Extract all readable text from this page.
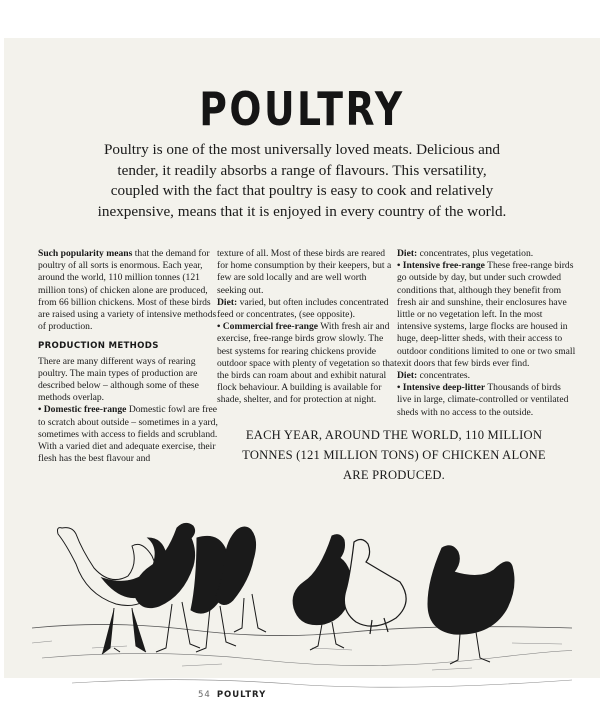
POULTRY
Poultry is one of the most universally loved meats. Delicious and tender, it readily absorbs a range of flavours. This versatility, coupled with the fact that poultry is easy to cook and relatively inexpensive, means that it is enjoyed in every country of the world.

Such popularity means that the demand for poultry of all sorts is enormous. Each year, around the world, 110 million tonnes (121 million tons) of chicken alone are produced, from 66 billion chickens. Most of these birds are raised using a variety of intensive methods of production.

PRODUCTION METHODS

There are many different ways of rearing poultry. The main types of production are described below – although some of these methods overlap.

• Domestic free-range Domestic fowl are free to scratch about outside – sometimes in a yard, sometimes with access to fields and scrubland. With a varied diet and adequate exercise, their flesh has the best flavour and

texture of all. Most of these birds are reared for home consumption by their keepers, but a few are sold locally and are well worth seeking out.

Diet: varied, but often includes concentrated feed or concentrates, (see opposite).

• Commercial free-range With fresh air and exercise, free-range birds grow slowly. The best systems for rearing chickens provide outdoor space with plenty of vegetation so that the birds can roam about and exhibit natural flock behaviour. A building is available for shade, shelter, and for protection at night.

Diet: concentrates, plus vegetation.

• Intensive free-range These free-range birds go outside by day, but under such crowded conditions that, although they benefit from fresh air and sunshine, their enclosures have little or no vegetation left. In the most intensive systems, large flocks are housed in huge, deep-litter sheds, with their access to outdoor conditions limited to one or two small exit doors that few birds ever find.

Diet: concentrates.

• Intensive deep-litter Thousands of birds live in large, climate-controlled or ventilated sheds with no access to the outside.

EACH YEAR, AROUND THE WORLD, 110 MILLION TONNES (121 MILLION TONS) OF CHICKEN ALONE ARE PRODUCED.
54 POULTRY
